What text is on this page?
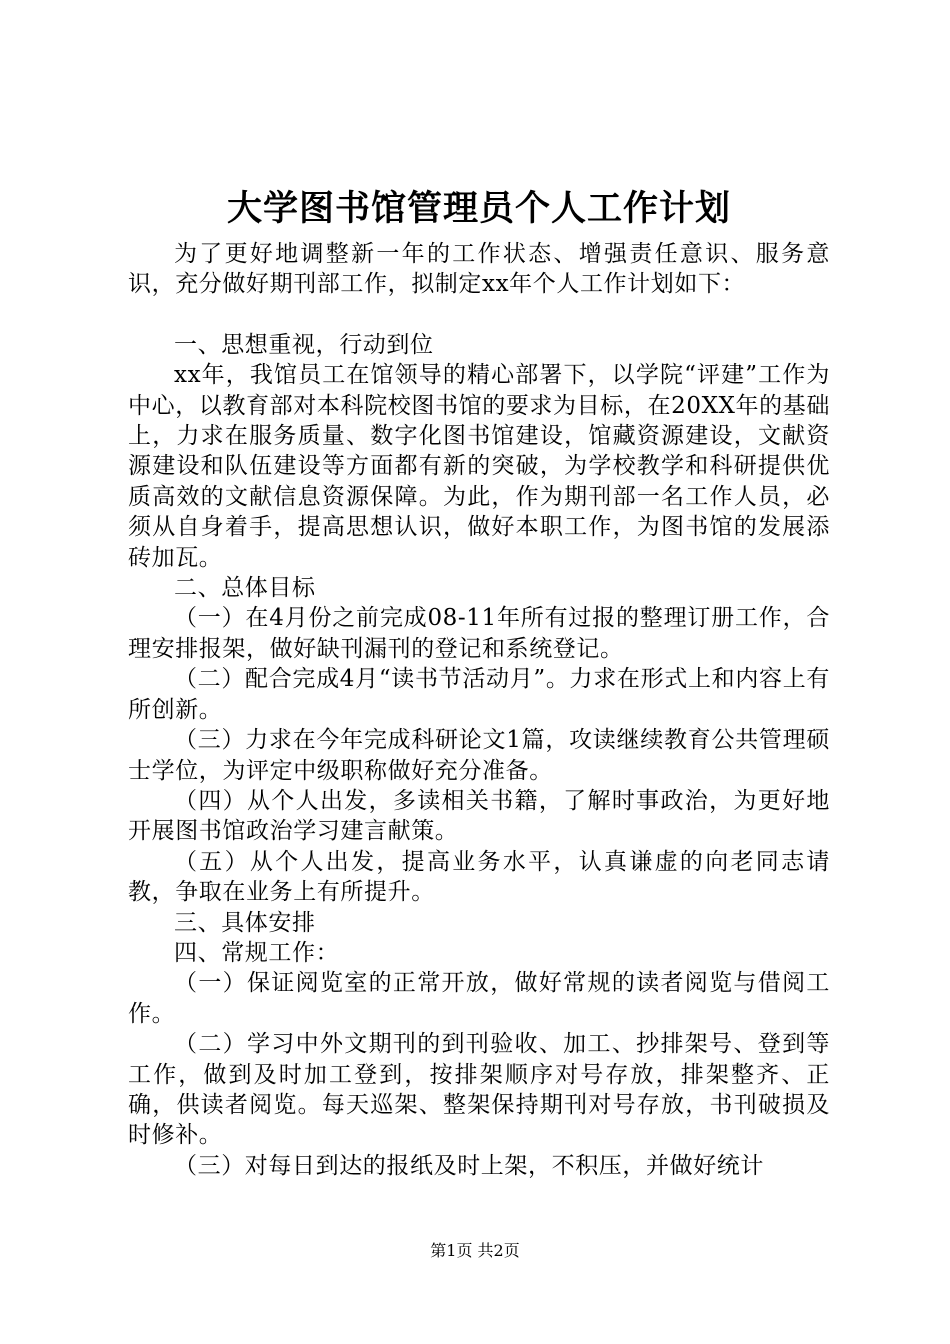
大学图书馆管理员个人工作计划

为了更好地调整新一年的工作状态、增强责任意识、服务意识，充分做好期刊部工作，拟制定xx年个人工作计划如下：

一、思想重视，行动到位

xx年，我馆员工在馆领导的精心部署下，以学院“评建”工作为中心，以教育部对本科院校图书馆的要求为目标，在20XX年的基础上，力求在服务质量、数字化图书馆建设，馆藏资源建设，文献资源建设和队伍建设等方面都有新的突破，为学校教学和科研提供优质高效的文献信息资源保障。为此，作为期刊部一名工作人员，必须从自身着手，提高思想认识，做好本职工作，为图书馆的发展添砖加瓦。

二、总体目标

（一）在4月份之前完成08-11年所有过报的整理订册工作，合理安排报架，做好缺刊漏刊的登记和系统登记。

（二）配合完成4月“读书节活动月”。力求在形式上和内容上有所创新。

（三）力求在今年完成科研论文1篇，攻读继续教育公共管理硕士学位，为评定中级职称做好充分准备。

（四）从个人出发，多读相关书籍，了解时事政治，为更好地开展图书馆政治学习建言献策。

（五）从个人出发，提高业务水平，认真谦虚的向老同志请教，争取在业务上有所提升。

三、具体安排

四、常规工作：

（一）保证阅览室的正常开放，做好常规的读者阅览与借阅工作。

（二）学习中外文期刊的到刊验收、加工、抄排架号、登到等工作，做到及时加工登到，按排架顺序对号存放，排架整齐、正确，供读者阅览。每天巡架、整架保持期刊对号存放，书刊破损及时修补。

（三）对每日到达的报纸及时上架，不积压，并做好统计

第1页 共2页
